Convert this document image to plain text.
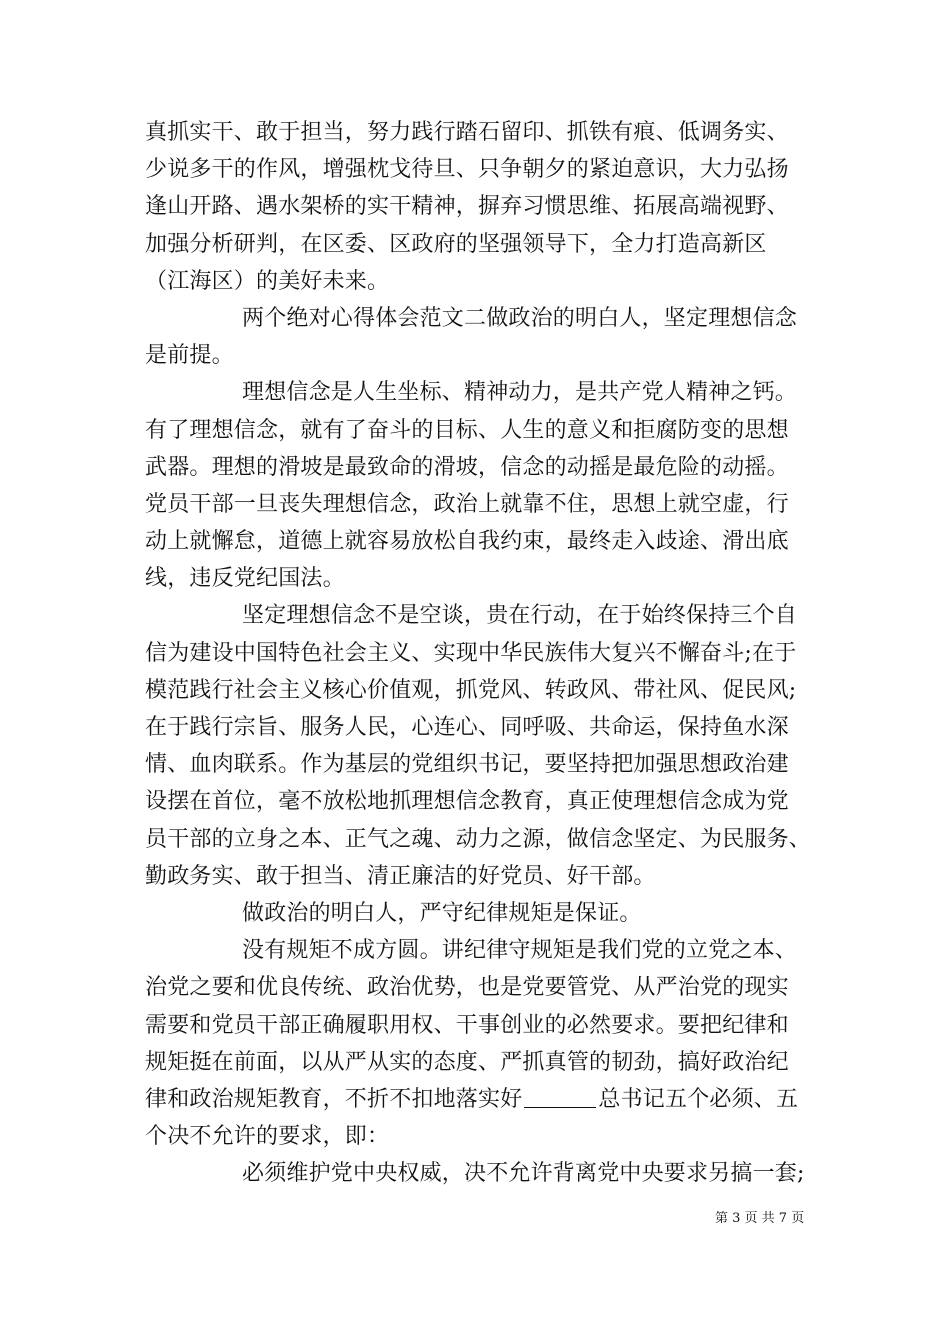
真抓实干、敢于担当，努力践行踏石留印、抓铁有痕、低调务实、
少说多干的作风，增强枕戈待旦、只争朝夕的紧迫意识，大力弘扬
逢山开路、遇水架桥的实干精神，摒弃习惯思维、拓展高端视野、
加强分析研判，在区委、区政府的坚强领导下，全力打造高新区
（江海区）的美好未来。
两个绝对心得体会范文二做政治的明白人，坚定理想信念
是前提。
理想信念是人生坐标、精神动力，是共产党人精神之钙。
有了理想信念，就有了奋斗的目标、人生的意义和拒腐防变的思想
武器。理想的滑坡是最致命的滑坡，信念的动摇是最危险的动摇。
党员干部一旦丧失理想信念，政治上就靠不住，思想上就空虚，行
动上就懈怠，道德上就容易放松自我约束，最终走入歧途、滑出底
线，违反党纪国法。
坚定理想信念不是空谈，贵在行动，在于始终保持三个自
信为建设中国特色社会主义、实现中华民族伟大复兴不懈奋斗;在于
模范践行社会主义核心价值观，抓党风、转政风、带社风、促民风;
在于践行宗旨、服务人民，心连心、同呼吸、共命运，保持鱼水深
情、血肉联系。作为基层的党组织书记，要坚持把加强思想政治建
设摆在首位，毫不放松地抓理想信念教育，真正使理想信念成为党
员干部的立身之本、正气之魂、动力之源，做信念坚定、为民服务、
勤政务实、敢于担当、清正廉洁的好党员、好干部。
做政治的明白人，严守纪律规矩是保证。
没有规矩不成方圆。讲纪律守规矩是我们党的立党之本、
治党之要和优良传统、政治优势，也是党要管党、从严治党的现实
需要和党员干部正确履职用权、干事创业的必然要求。要把纪律和
规矩挺在前面，以从严从实的态度、严抓真管的韧劲，搞好政治纪
律和政治规矩教育，不折不扣地落实好	总书记五个必须、五
个决不允许的要求，即：
必须维护党中央权威，决不允许背离党中央要求另搞一套;
第 3 页 共 7 页
